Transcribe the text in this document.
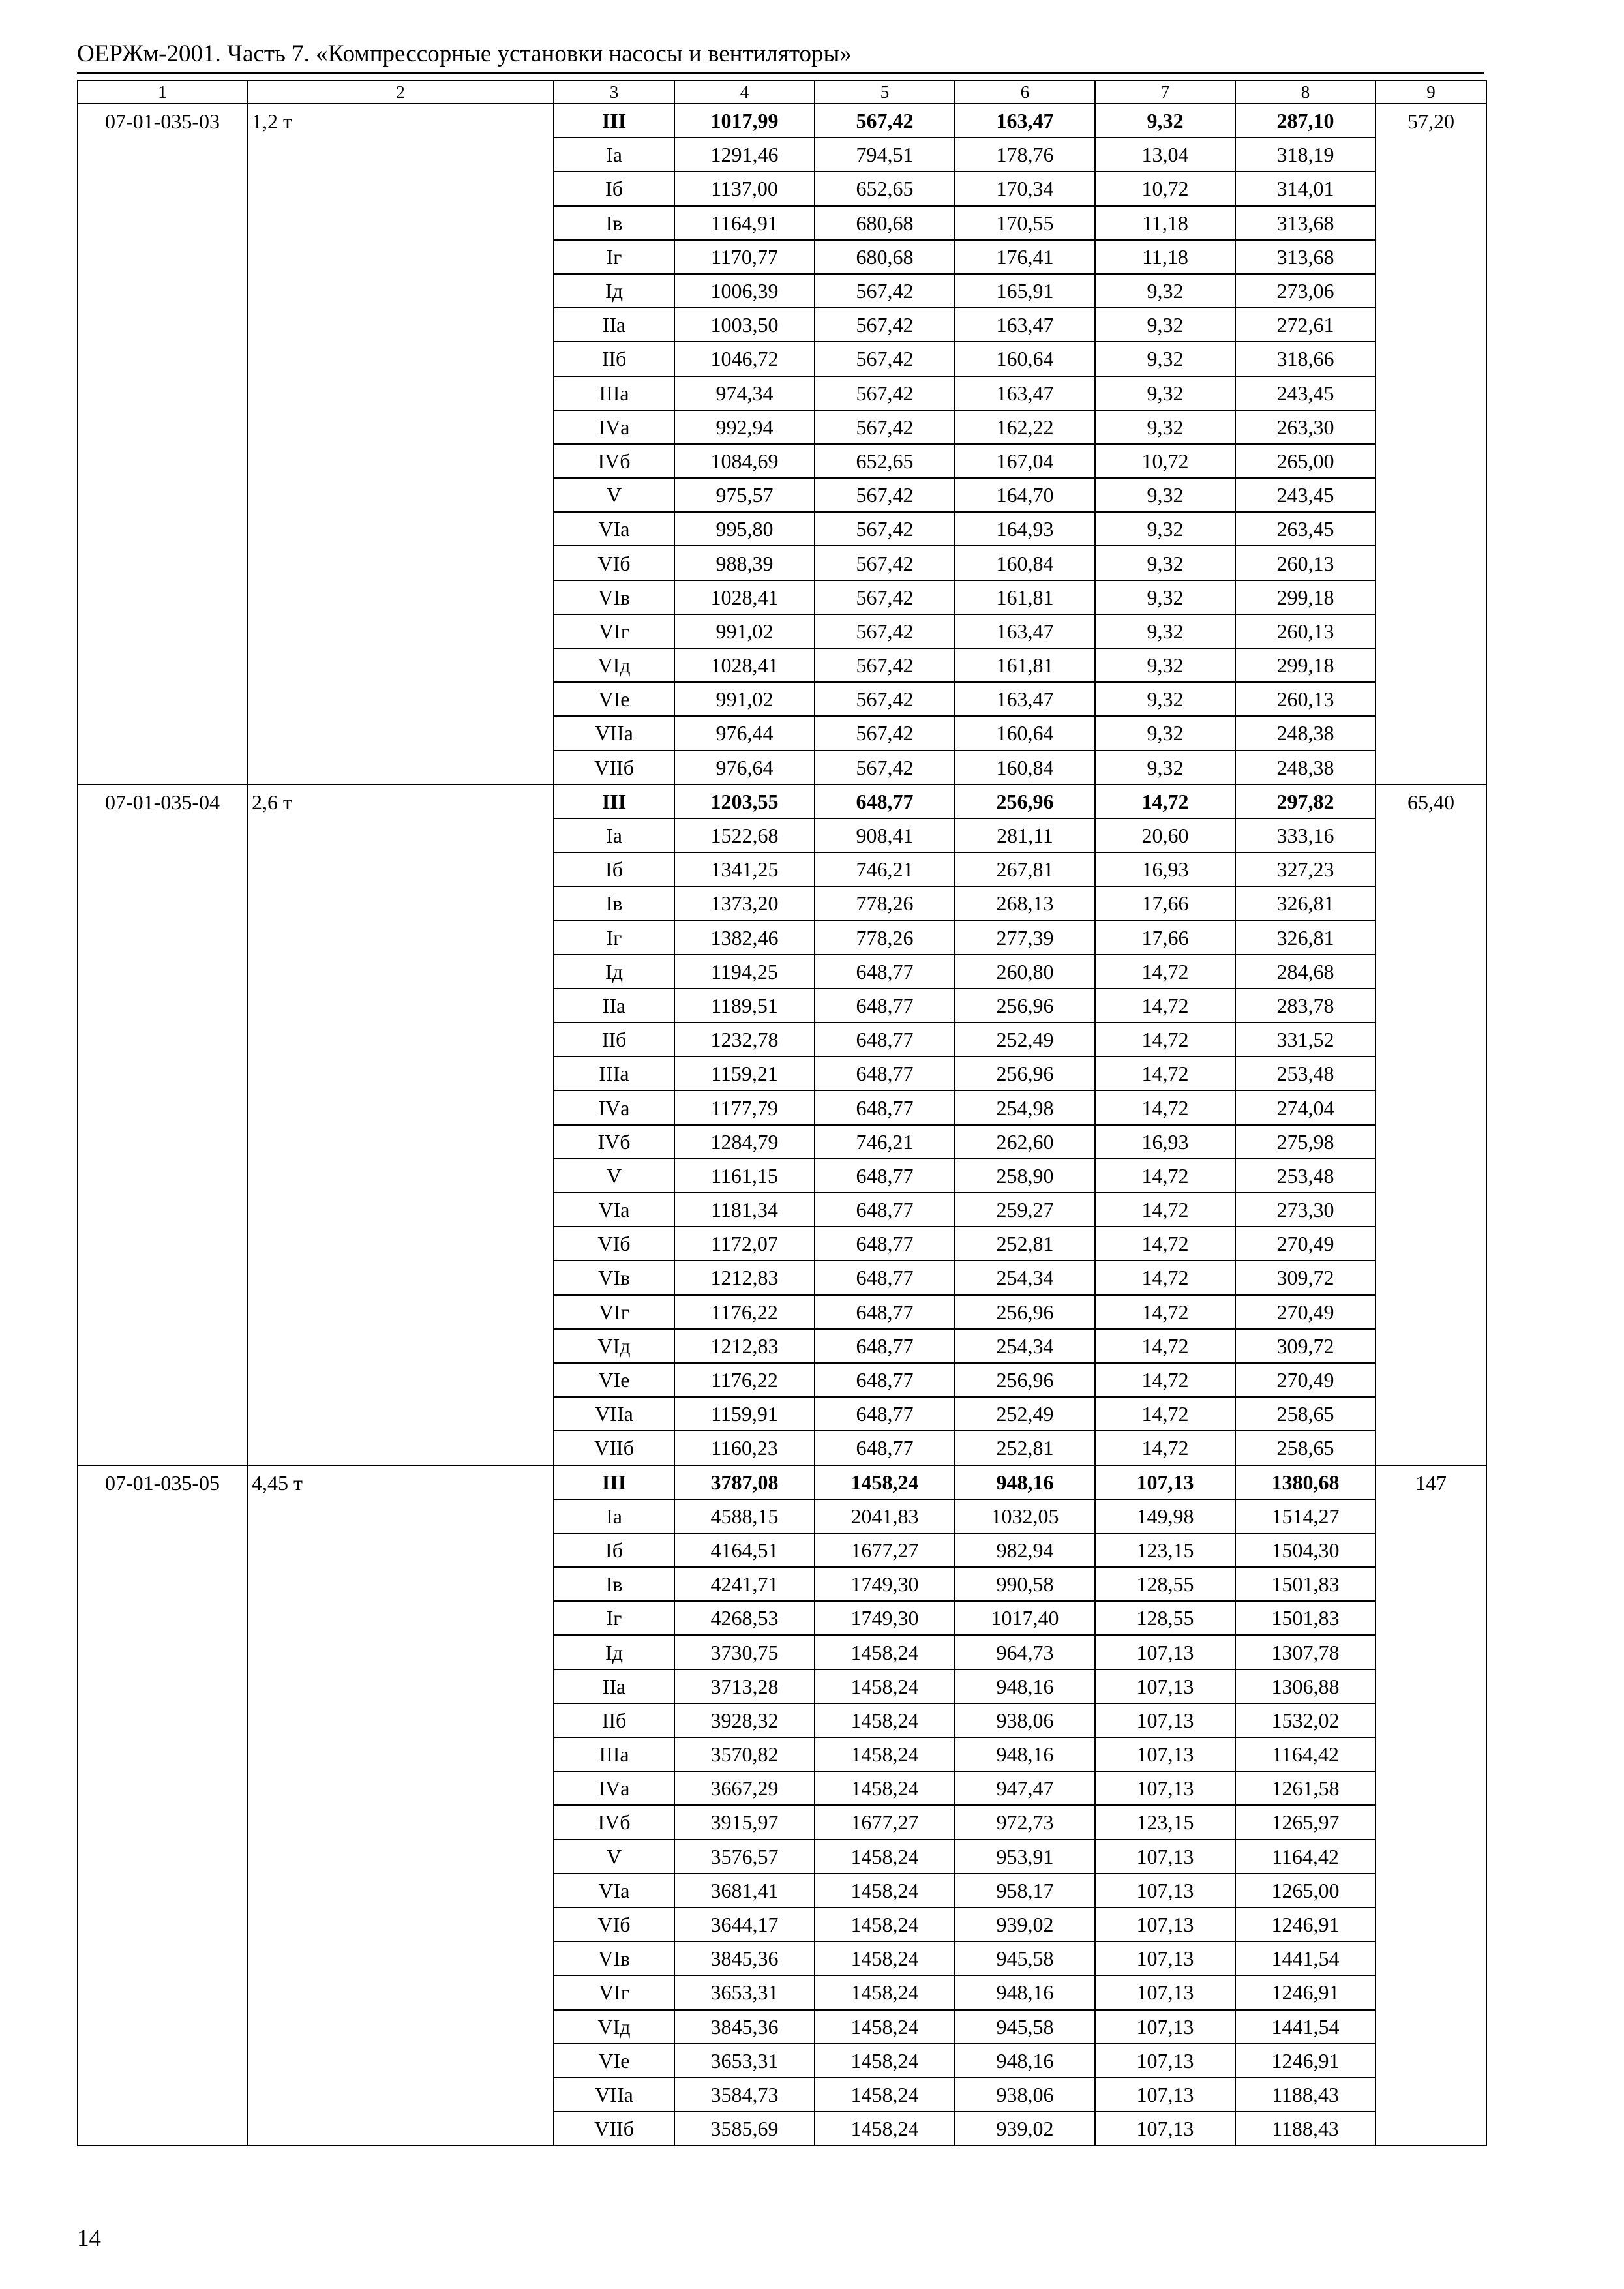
ОЕРЖм-2001. Часть 7. «Компрессорные установки насосы и вентиляторы»
1	2	3	4	5	6	7	8	9
07-01-035-03	1,2 т	III	1017,99	567,42	163,47	9,32	287,10	57,20
		Iа	1291,46	794,51	178,76	13,04	318,19	
		Iб	1137,00	652,65	170,34	10,72	314,01	
		Iв	1164,91	680,68	170,55	11,18	313,68	
		Iг	1170,77	680,68	176,41	11,18	313,68	
		Iд	1006,39	567,42	165,91	9,32	273,06	
		IIа	1003,50	567,42	163,47	9,32	272,61	
		IIб	1046,72	567,42	160,64	9,32	318,66	
		IIIа	974,34	567,42	163,47	9,32	243,45	
		IVа	992,94	567,42	162,22	9,32	263,30	
		IVб	1084,69	652,65	167,04	10,72	265,00	
		V	975,57	567,42	164,70	9,32	243,45	
		VIа	995,80	567,42	164,93	9,32	263,45	
		VIб	988,39	567,42	160,84	9,32	260,13	
		VIв	1028,41	567,42	161,81	9,32	299,18	
		VIг	991,02	567,42	163,47	9,32	260,13	
		VIд	1028,41	567,42	161,81	9,32	299,18	
		VIе	991,02	567,42	163,47	9,32	260,13	
		VIIа	976,44	567,42	160,64	9,32	248,38	
		VIIб	976,64	567,42	160,84	9,32	248,38	
07-01-035-04	2,6 т	III	1203,55	648,77	256,96	14,72	297,82	65,40
		Iа	1522,68	908,41	281,11	20,60	333,16	
		Iб	1341,25	746,21	267,81	16,93	327,23	
		Iв	1373,20	778,26	268,13	17,66	326,81	
		Iг	1382,46	778,26	277,39	17,66	326,81	
		Iд	1194,25	648,77	260,80	14,72	284,68	
		IIа	1189,51	648,77	256,96	14,72	283,78	
		IIб	1232,78	648,77	252,49	14,72	331,52	
		IIIа	1159,21	648,77	256,96	14,72	253,48	
		IVа	1177,79	648,77	254,98	14,72	274,04	
		IVб	1284,79	746,21	262,60	16,93	275,98	
		V	1161,15	648,77	258,90	14,72	253,48	
		VIа	1181,34	648,77	259,27	14,72	273,30	
		VIб	1172,07	648,77	252,81	14,72	270,49	
		VIв	1212,83	648,77	254,34	14,72	309,72	
		VIг	1176,22	648,77	256,96	14,72	270,49	
		VIд	1212,83	648,77	254,34	14,72	309,72	
		VIе	1176,22	648,77	256,96	14,72	270,49	
		VIIа	1159,91	648,77	252,49	14,72	258,65	
		VIIб	1160,23	648,77	252,81	14,72	258,65	
07-01-035-05	4,45 т	III	3787,08	1458,24	948,16	107,13	1380,68	147
		Iа	4588,15	2041,83	1032,05	149,98	1514,27	
		Iб	4164,51	1677,27	982,94	123,15	1504,30	
		Iв	4241,71	1749,30	990,58	128,55	1501,83	
		Iг	4268,53	1749,30	1017,40	128,55	1501,83	
		Iд	3730,75	1458,24	964,73	107,13	1307,78	
		IIа	3713,28	1458,24	948,16	107,13	1306,88	
		IIб	3928,32	1458,24	938,06	107,13	1532,02	
		IIIа	3570,82	1458,24	948,16	107,13	1164,42	
		IVа	3667,29	1458,24	947,47	107,13	1261,58	
		IVб	3915,97	1677,27	972,73	123,15	1265,97	
		V	3576,57	1458,24	953,91	107,13	1164,42	
		VIа	3681,41	1458,24	958,17	107,13	1265,00	
		VIб	3644,17	1458,24	939,02	107,13	1246,91	
		VIв	3845,36	1458,24	945,58	107,13	1441,54	
		VIг	3653,31	1458,24	948,16	107,13	1246,91	
		VIд	3845,36	1458,24	945,58	107,13	1441,54	
		VIе	3653,31	1458,24	948,16	107,13	1246,91	
		VIIа	3584,73	1458,24	938,06	107,13	1188,43	
		VIIб	3585,69	1458,24	939,02	107,13	1188,43	
14
